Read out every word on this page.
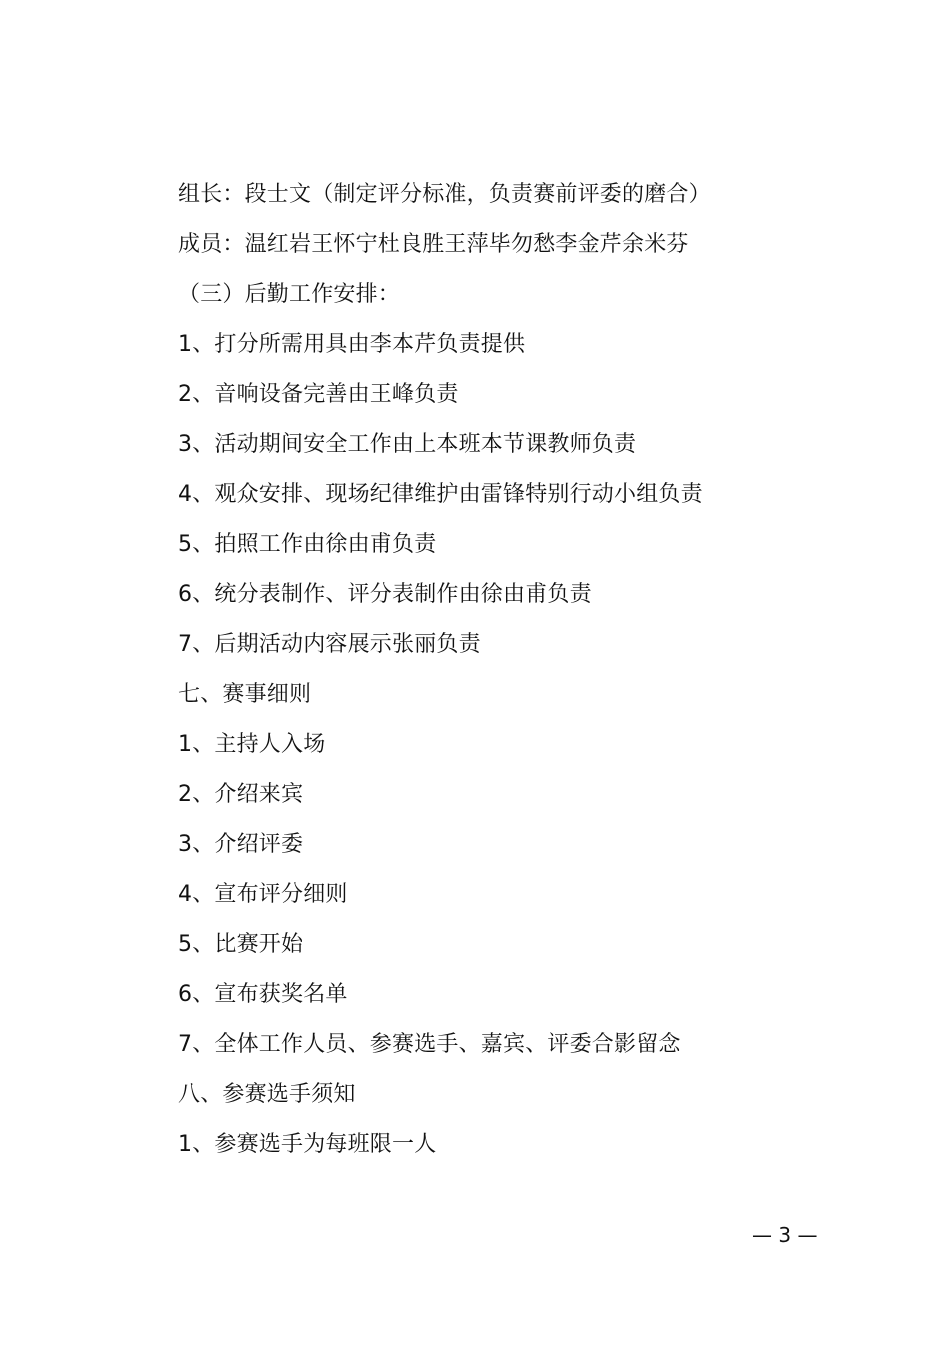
组长：段士文（制定评分标准，负责赛前评委的磨合）
成员：温红岩王怀宁杜良胜王萍毕勿愁李金芹余米芬
（三）后勤工作安排：
1、打分所需用具由李本芹负责提供
2、音响设备完善由王峰负责
3、活动期间安全工作由上本班本节课教师负责
4、观众安排、现场纪律维护由雷锋特别行动小组负责
5、拍照工作由徐由甫负责
6、统分表制作、评分表制作由徐由甫负责
7、后期活动内容展示张丽负责
七、赛事细则
1、主持人入场
2、介绍来宾
3、介绍评委
4、宣布评分细则
5、比赛开始
6、宣布获奖名单
7、全体工作人员、参赛选手、嘉宾、评委合影留念
八、参赛选手须知
1、参赛选手为每班限一人
— 3 —
